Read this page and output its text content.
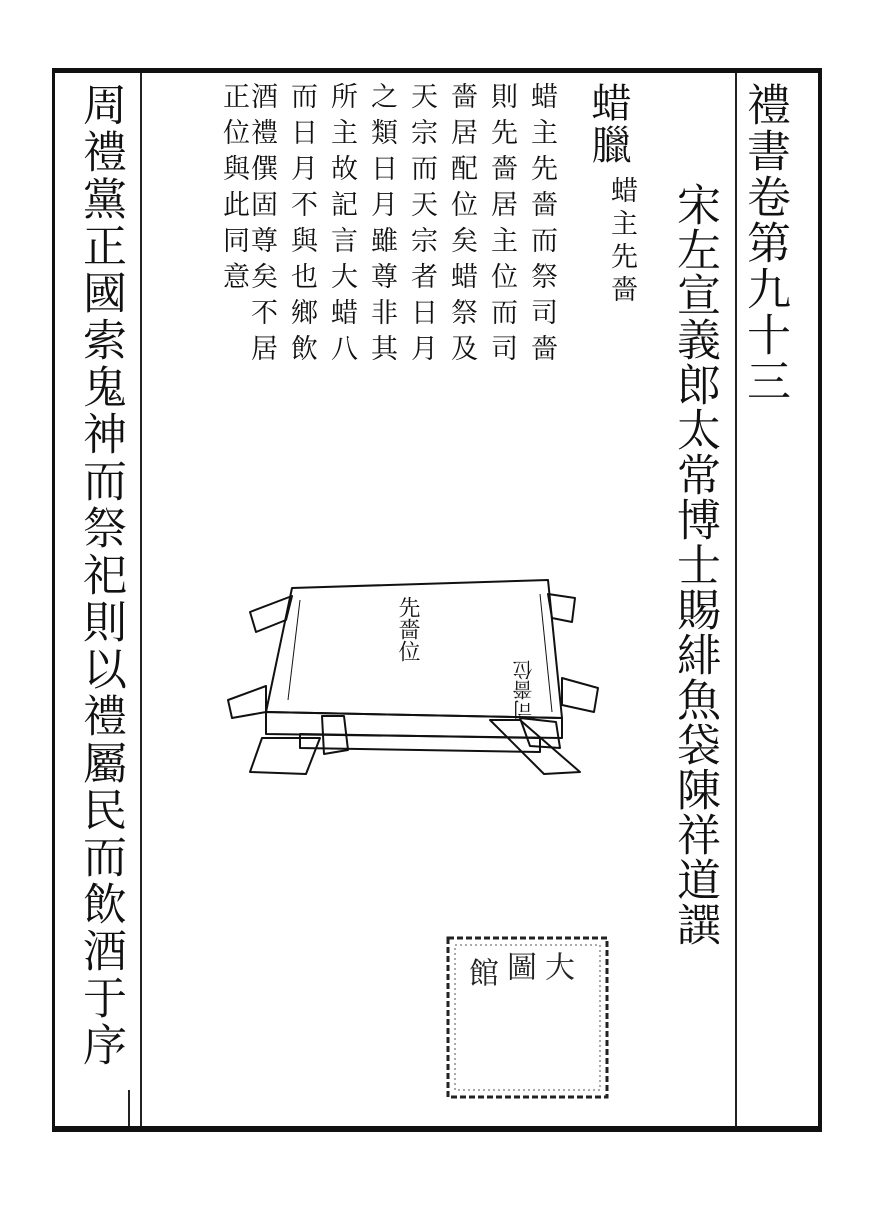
禮書卷第九十三
宋左宣義郎太常博士賜緋魚袋陳祥道譔
蜡臘
蜡主先嗇
蜡主先嗇而祭司嗇
則先嗇居主位而司
嗇居配位矣蜡祭及
天宗而天宗者日月
之類日月雖尊非其
所主故記言大蜡八
而日月不與也鄉飲
酒禮僎固尊矣不居
正位與此同意
先嗇位
司嗇位
周禮黨正國索鬼神而祭祀則以禮屬民而飲酒于序	大
圖
館
